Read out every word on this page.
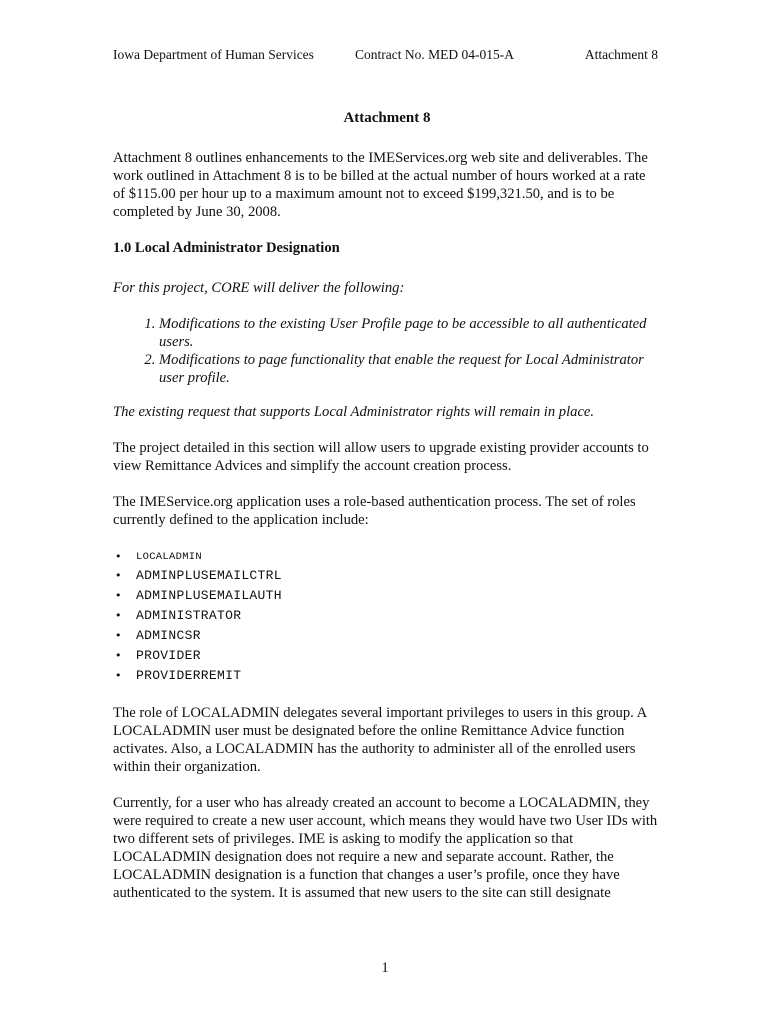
Iowa Department of Human Services	Contract No. MED 04-015-A	Attachment 8
Attachment 8

Attachment 8 outlines enhancements to the IMEServices.org web site and deliverables. The work outlined in Attachment 8 is to be billed at the actual number of hours worked at a rate of $115.00 per hour up to a maximum amount not to exceed $199,321.50, and is to be completed by June 30, 2008.

1.0 Local Administrator Designation

For this project, CORE will deliver the following:

1. Modifications to the existing User Profile page to be accessible to all authenticated users.
2. Modifications to page functionality that enable the request for Local Administrator user profile.

The existing request that supports Local Administrator rights will remain in place.

The project detailed in this section will allow users to upgrade existing provider accounts to view Remittance Advices and simplify the account creation process.

The IMEService.org application uses a role-based authentication process. The set of roles currently defined to the application include:

• LOCALADMIN
• ADMINPLUSEMAILCTRL
• ADMINPLUSEMAILAUTH
• ADMINISTRATOR
• ADMINCSR
• PROVIDER
• PROVIDERREMIT

The role of LOCALADMIN delegates several important privileges to users in this group. A LOCALADMIN user must be designated before the online Remittance Advice function activates. Also, a LOCALADMIN has the authority to administer all of the enrolled users within their organization.

Currently, for a user who has already created an account to become a LOCALADMIN, they were required to create a new user account, which means they would have two User IDs with two different sets of privileges. IME is asking to modify the application so that LOCALADMIN designation does not require a new and separate account. Rather, the LOCALADMIN designation is a function that changes a user’s profile, once they have authenticated to the system. It is assumed that new users to the site can still designate

1
